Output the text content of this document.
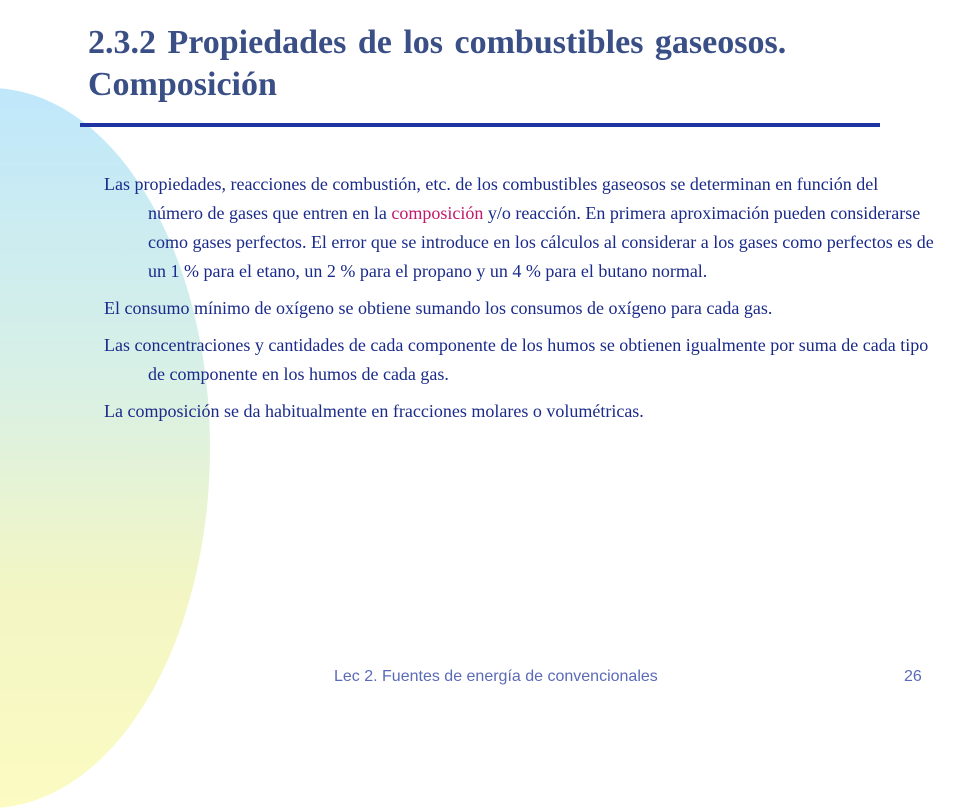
2.3.2 Propiedades de los combustibles gaseosos. Composición

Las propiedades, reacciones de combustión, etc. de los combustibles gaseosos se determinan en función del número de gases que entren en la composición y/o reacción. En primera aproximación pueden considerarse como gases perfectos. El error que se introduce en los cálculos al considerar a los gases como perfectos es de un 1 % para el etano, un 2 % para el propano y un 4 % para el butano normal.

El consumo mínimo de oxígeno se obtiene sumando los consumos de oxígeno para cada gas.

Las concentraciones y cantidades de cada componente de los humos se obtienen igualmente por suma de cada tipo de componente en los humos de cada gas.

La composición se da habitualmente en fracciones molares o volumétricas.

Lec 2. Fuentes de energía de convencionales	26
